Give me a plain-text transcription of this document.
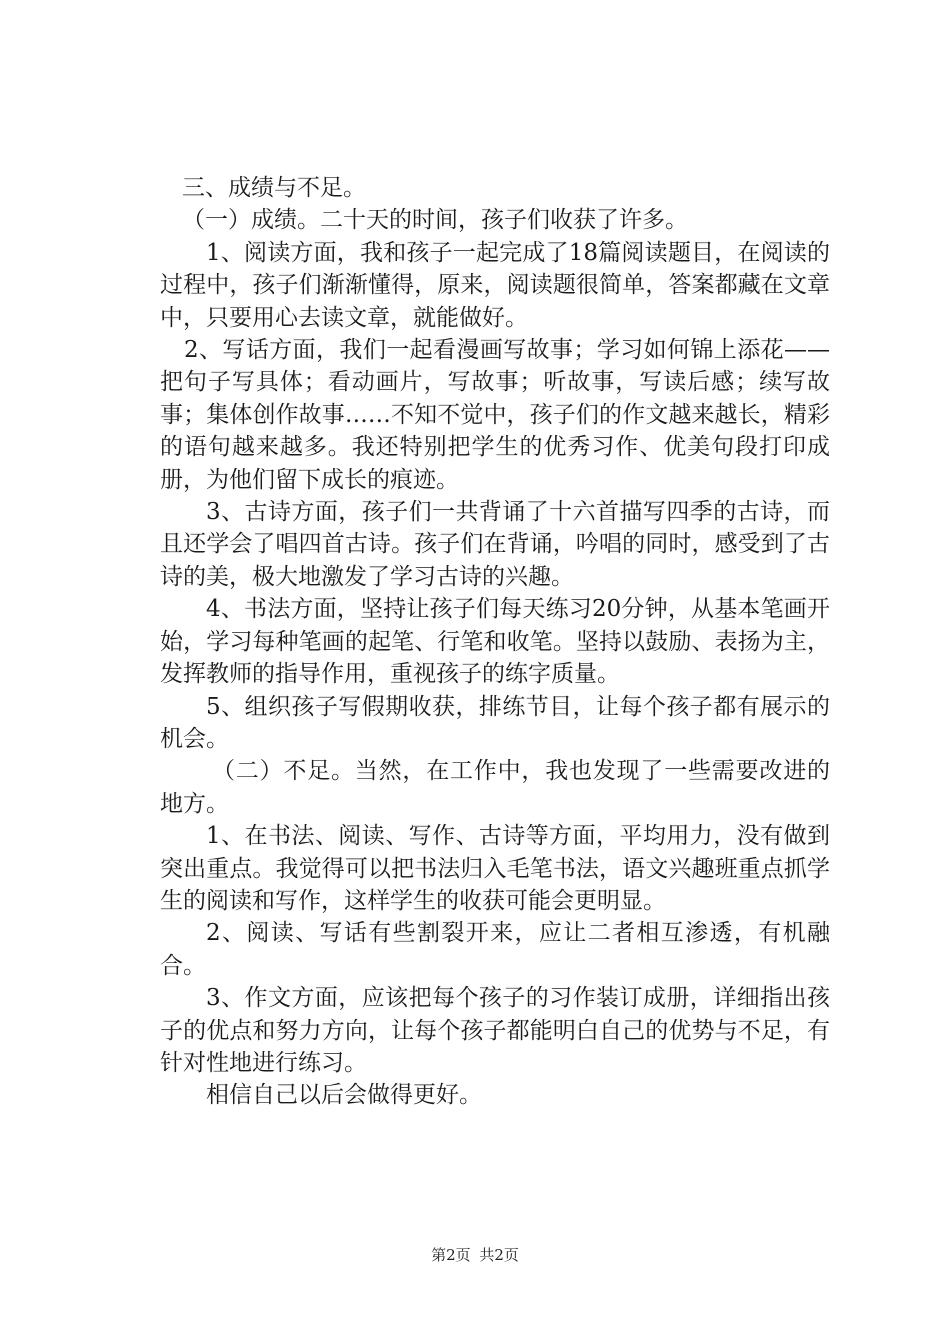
三、成绩与不足。

（一）成绩。二十天的时间，孩子们收获了许多。

1、阅读方面，我和孩子一起完成了18篇阅读题目，在阅读的过程中，孩子们渐渐懂得，原来，阅读题很简单，答案都藏在文章中，只要用心去读文章，就能做好。

2、写话方面，我们一起看漫画写故事；学习如何锦上添花——把句子写具体；看动画片，写故事；听故事，写读后感；续写故事；集体创作故事……不知不觉中，孩子们的作文越来越长，精彩的语句越来越多。我还特别把学生的优秀习作、优美句段打印成册，为他们留下成长的痕迹。

3、古诗方面，孩子们一共背诵了十六首描写四季的古诗，而且还学会了唱四首古诗。孩子们在背诵，吟唱的同时，感受到了古诗的美，极大地激发了学习古诗的兴趣。

4、书法方面，坚持让孩子们每天练习20分钟，从基本笔画开始，学习每种笔画的起笔、行笔和收笔。坚持以鼓励、表扬为主，发挥教师的指导作用，重视孩子的练字质量。

5、组织孩子写假期收获，排练节目，让每个孩子都有展示的机会。

（二）不足。当然，在工作中，我也发现了一些需要改进的地方。

1、在书法、阅读、写作、古诗等方面，平均用力，没有做到突出重点。我觉得可以把书法归入毛笔书法，语文兴趣班重点抓学生的阅读和写作，这样学生的收获可能会更明显。

2、阅读、写话有些割裂开来，应让二者相互渗透，有机融合。

3、作文方面，应该把每个孩子的习作装订成册，详细指出孩子的优点和努力方向，让每个孩子都能明白自己的优势与不足，有针对性地进行练习。

相信自己以后会做得更好。

第2页 共2页
